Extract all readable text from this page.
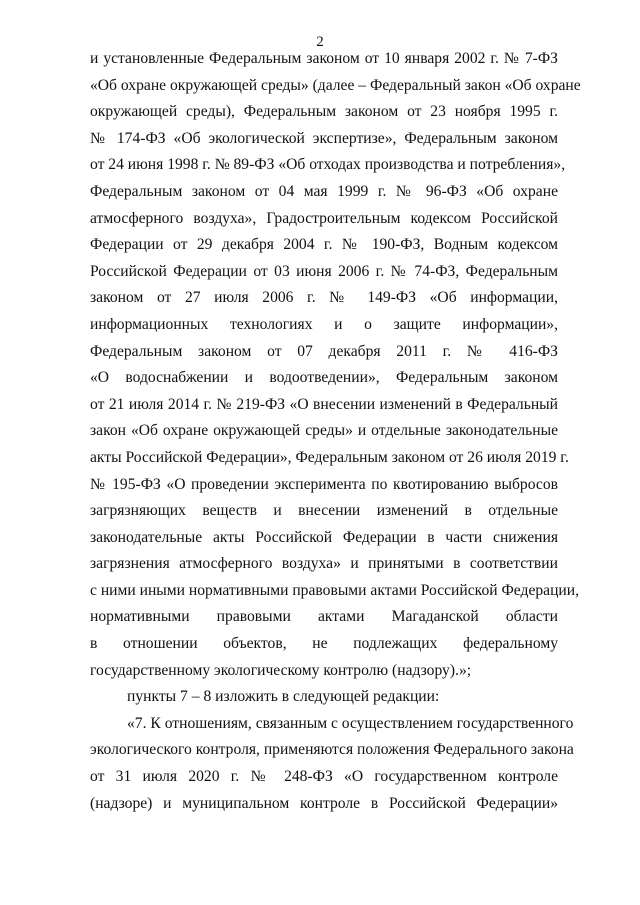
2
и установленные Федеральным законом от 10 января 2002 г. № 7-ФЗ
«Об охране окружающей среды» (далее – Федеральный закон «Об охране
окружающей среды), Федеральным законом от 23 ноября 1995 г.
№ 174-ФЗ «Об экологической экспертизе», Федеральным законом
от 24 июня 1998 г. № 89-ФЗ «Об отходах производства и потребления»,
Федеральным законом от 04 мая 1999 г. № 96-ФЗ «Об охране
атмосферного воздуха», Градостроительным кодексом Российской
Федерации от 29 декабря 2004 г. № 190-ФЗ, Водным кодексом
Российской Федерации от 03 июня 2006 г. № 74-ФЗ, Федеральным
законом от 27 июля 2006 г. № 149-ФЗ «Об информации,
информационных технологиях и о защите информации»,
Федеральным законом от 07 декабря 2011 г. № 416-ФЗ
«О водоснабжении и водоотведении», Федеральным законом
от 21 июля 2014 г. № 219-ФЗ «О внесении изменений в Федеральный
закон «Об охране окружающей среды» и отдельные законодательные
акты Российской Федерации», Федеральным законом от 26 июля 2019 г.
№ 195-ФЗ «О проведении эксперимента по квотированию выбросов
загрязняющих веществ и внесении изменений в отдельные
законодательные акты Российской Федерации в части снижения
загрязнения атмосферного воздуха» и принятыми в соответствии
с ними иными нормативными правовыми актами Российской Федерации,
нормативными правовыми актами Магаданской области
в отношении объектов, не подлежащих федеральному
государственному экологическому контролю (надзору).»;
пункты 7 – 8 изложить в следующей редакции:
«7. К отношениям, связанным с осуществлением государственного
экологического контроля, применяются положения Федерального закона
от 31 июля 2020 г. № 248-ФЗ «О государственном контроле
(надзоре) и муниципальном контроле в Российской Федерации»
